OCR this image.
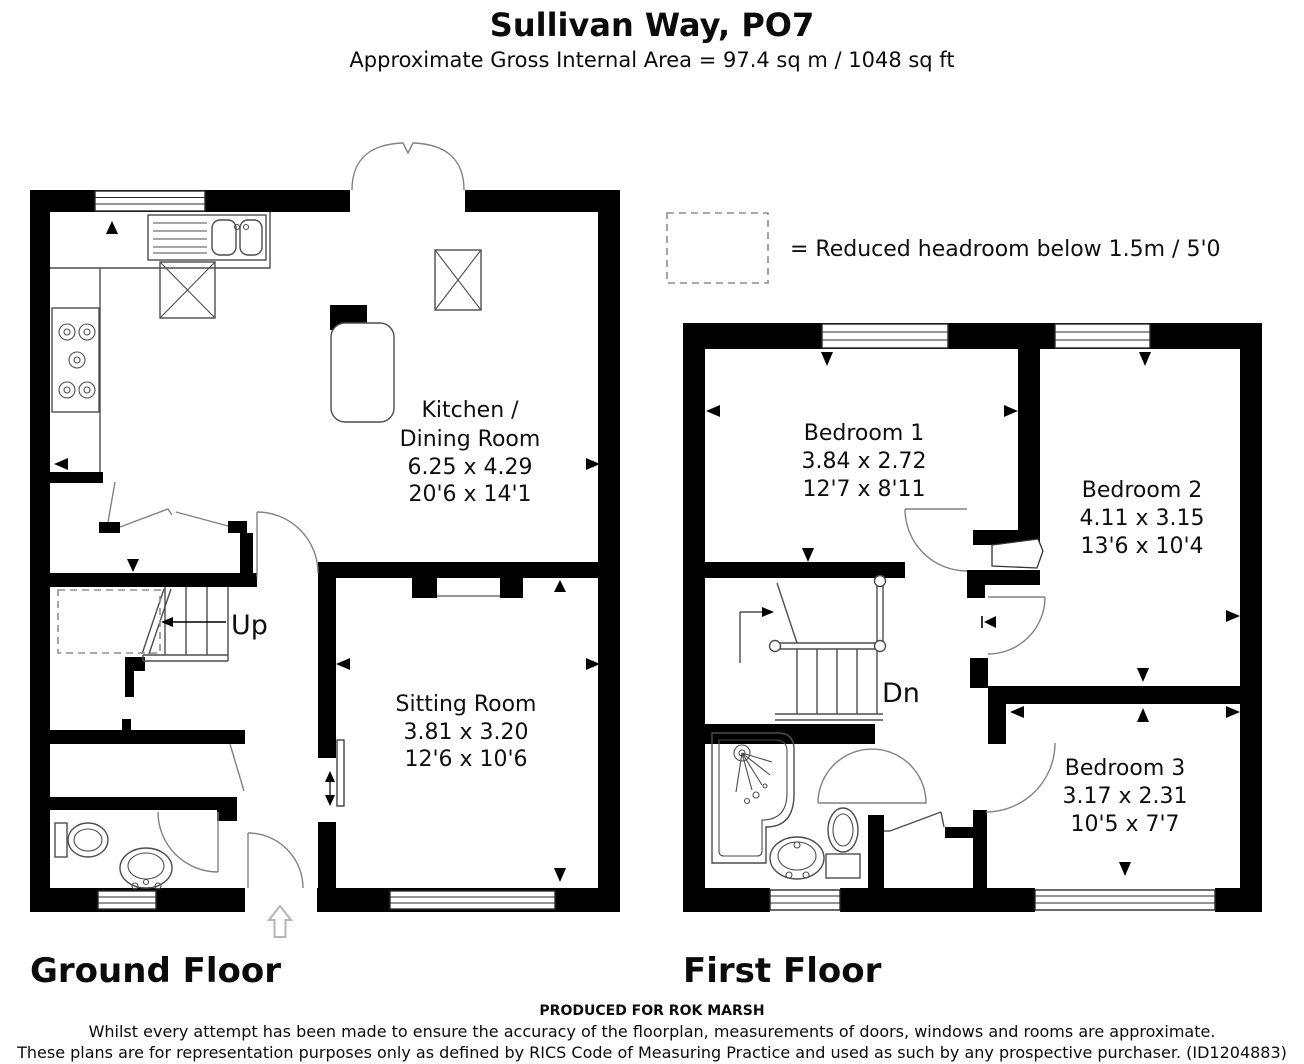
Sullivan Way, PO7
Approximate Gross Internal Area = 97.4 sq m / 1048 sq ft
= Reduced headroom below 1.5m / 5'0
Kitchen /
Dining Room
6.25 x 4.29
20'6 x 14'1
Sitting Room
3.81 x 3.20
12'6 x 10'6
Up
Bedroom 1
3.84 x 2.72
12'7 x 8'11	Bedroom 2
4.11 x 3.15
13'6 x 10'4
Bedroom 3
3.17 x 2.31
10'5 x 7'7
Dn
Ground Floor	First Floor
PRODUCED FOR ROK MARSH
Whilst every attempt has been made to ensure the accuracy of the floorplan, measurements of doors, windows and rooms are approximate.
These plans are for representation purposes only as defined by RICS Code of Measuring Practice and used as such by any prospective purchaser. (ID1204883)
